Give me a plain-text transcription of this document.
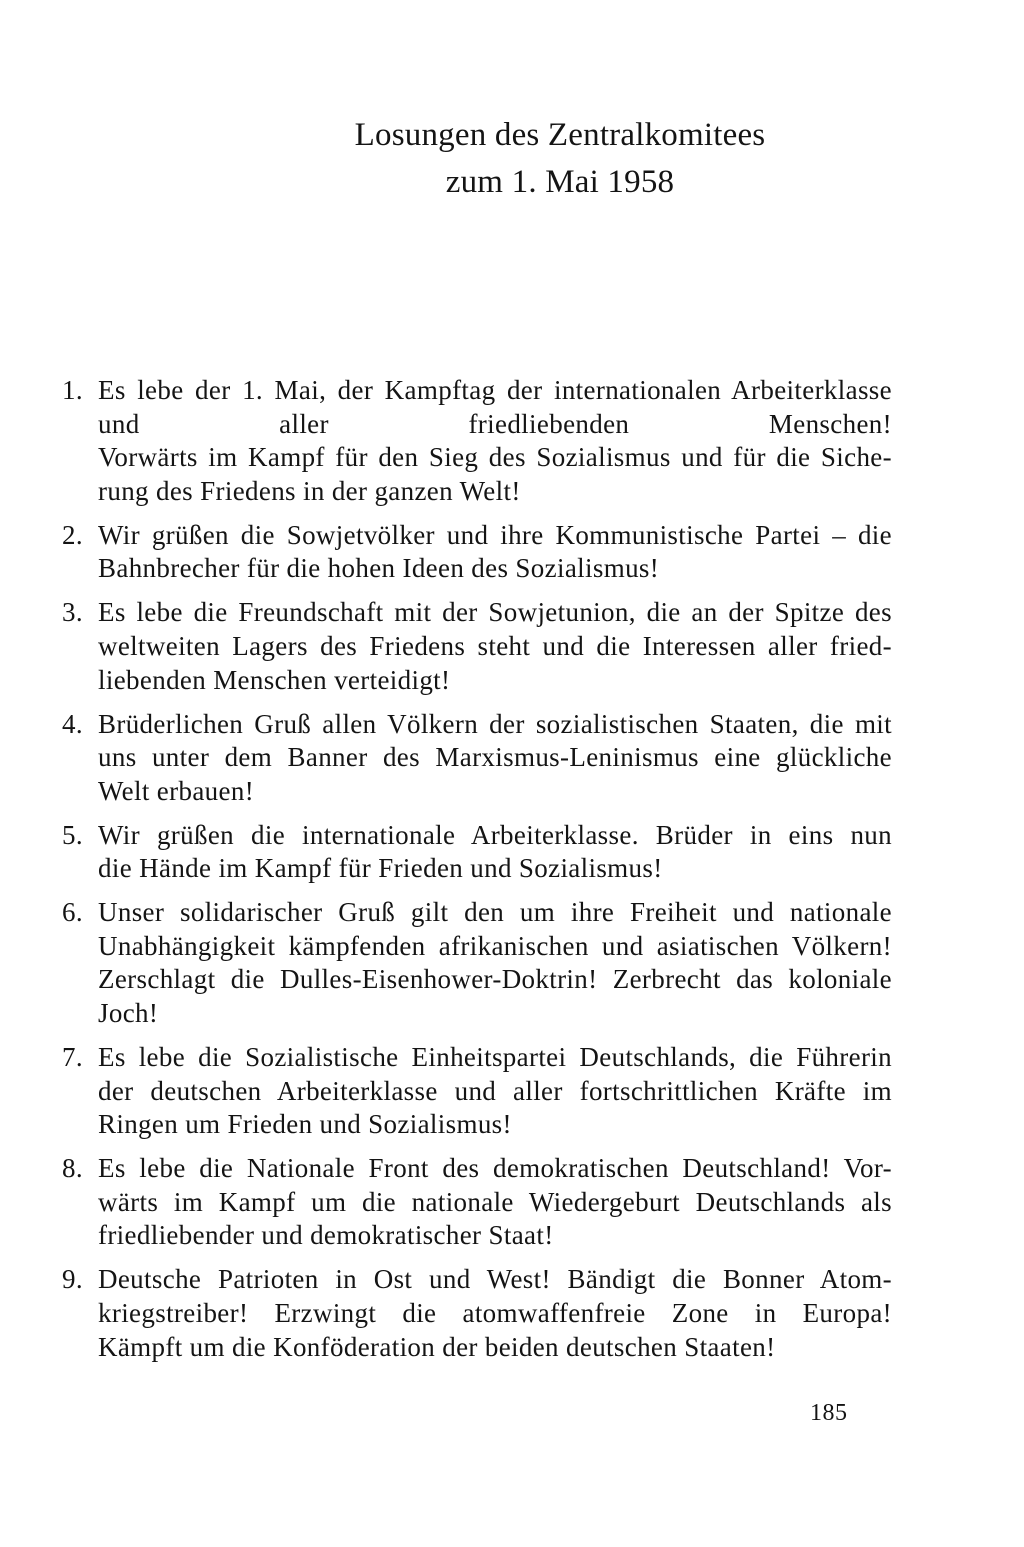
Losungen des Zentralkomitees
zum 1. Mai 1958
1. Es lebe der 1. Mai, der Kampftag der internationalen Arbeiterklasse
und aller friedliebenden Menschen!
Vorwärts im Kampf für den Sieg des Sozialismus und für die Siche-
rung des Friedens in der ganzen Welt!
2. Wir grüßen die Sowjetvölker und ihre Kommunistische Partei – die
Bahnbrecher für die hohen Ideen des Sozialismus!
3. Es lebe die Freundschaft mit der Sowjetunion, die an der Spitze des
weltweiten Lagers des Friedens steht und die Interessen aller fried-
liebenden Menschen verteidigt!
4. Brüderlichen Gruß allen Völkern der sozialistischen Staaten, die mit
uns unter dem Banner des Marxismus-Leninismus eine glückliche
Welt erbauen!
5. Wir grüßen die internationale Arbeiterklasse. Brüder in eins nun
die Hände im Kampf für Frieden und Sozialismus!
6. Unser solidarischer Gruß gilt den um ihre Freiheit und nationale
Unabhängigkeit kämpfenden afrikanischen und asiatischen Völkern!
Zerschlagt die Dulles-Eisenhower-Doktrin! Zerbrecht das koloniale
Joch!
7. Es lebe die Sozialistische Einheitspartei Deutschlands, die Führerin
der deutschen Arbeiterklasse und aller fortschrittlichen Kräfte im
Ringen um Frieden und Sozialismus!
8. Es lebe die Nationale Front des demokratischen Deutschland! Vor-
wärts im Kampf um die nationale Wiedergeburt Deutschlands als
friedliebender und demokratischer Staat!
9. Deutsche Patrioten in Ost und West! Bändigt die Bonner Atom-
kriegstreiber! Erzwingt die atomwaffenfreie Zone in Europa!
Kämpft um die Konföderation der beiden deutschen Staaten!
185
